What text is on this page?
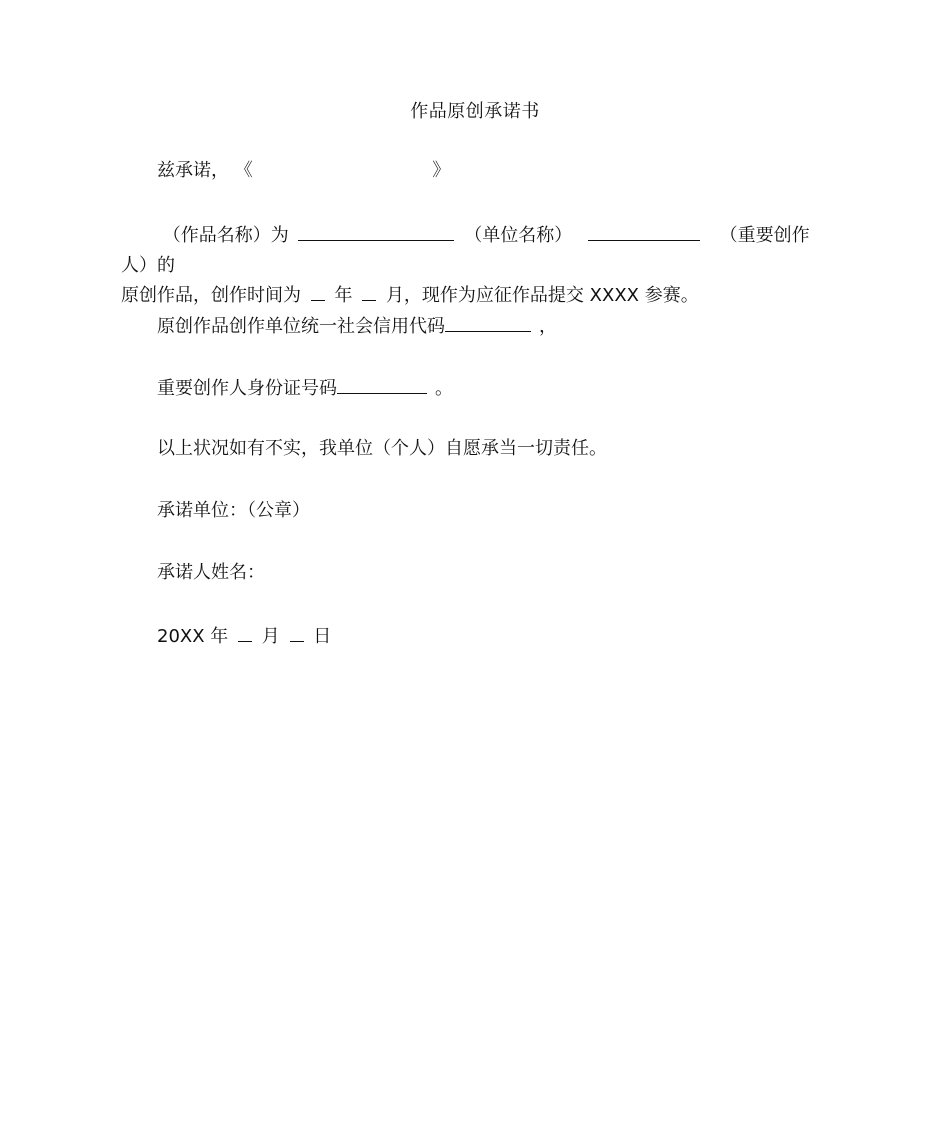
作品原创承诺书
兹承诺， 《	》
（作品名称）为	（单位名称）	（重要创作人）的
原创作品，创作时间为 年 月，现作为应征作品提交 XXXX 参赛。
原创作品创作单位统一社会信用代码	，
重要创作人身份证号码	。
以上状况如有不实，我单位（个人）自愿承当一切责任。
承诺单位：（公章）
承诺人姓名：
20XX 年 月 日
